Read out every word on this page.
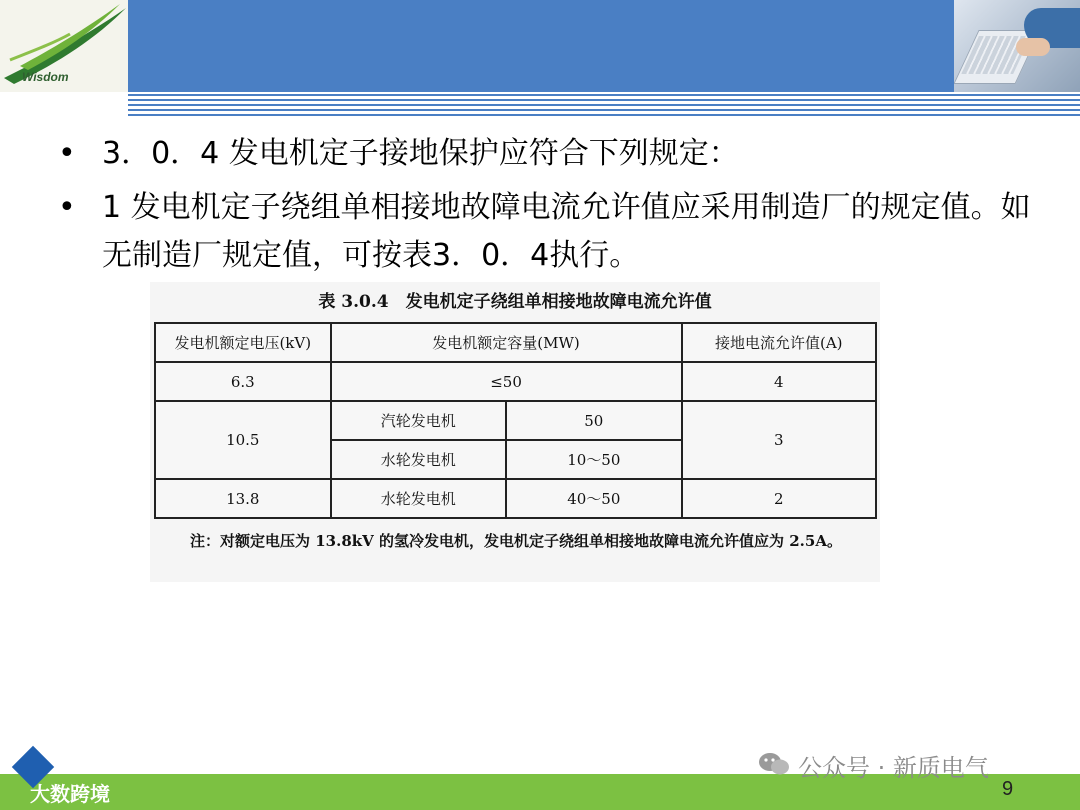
Wisdom
• 3．0．4 发电机定子接地保护应符合下列规定：
• 1 发电机定子绕组单相接地故障电流允许值应采用制造厂的规定值。如无制造厂规定值，可按表3．0．4执行。
表 3.0.4　发电机定子绕组单相接地故障电流允许值
发电机额定电压(kV)	发电机额定容量(MW)		接地电流允许值(A)
6.3	≤50		4
10.5	汽轮发电机	50	3
	水轮发电机	10～50	
13.8	水轮发电机	40～50	2
注：对额定电压为 13.8kV 的氢冷发电机，发电机定子绕组单相接地故障电流允许值应为 2.5A。
大数跨境
公众号 · 新质电气
9
